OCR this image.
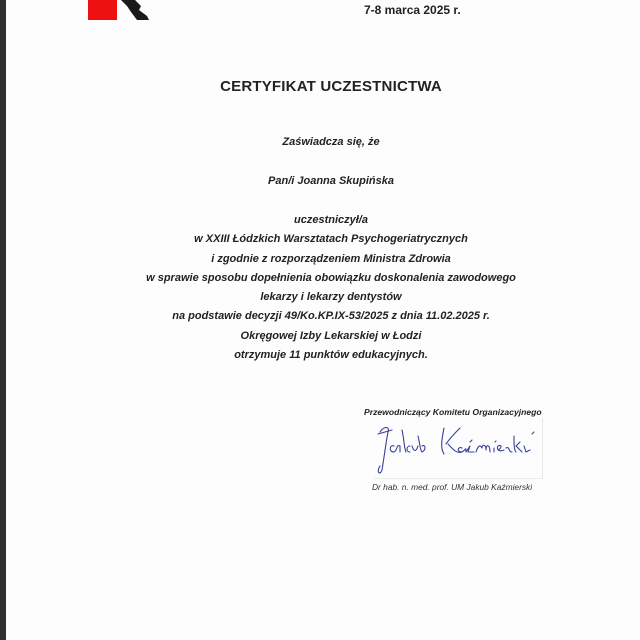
7-8 marca 2025 r.
CERTYFIKAT UCZESTNICTWA
Zaświadcza się, że
Pan/i Joanna Skupińska
uczestniczył/a
w XXIII Łódzkich Warsztatach Psychogeriatrycznych
i zgodnie z rozporządzeniem Ministra Zdrowia
w sprawie sposobu dopełnienia obowiązku doskonalenia zawodowego
lekarzy i lekarzy dentystów
na podstawie decyzji 49/Ko.KP.IX-53/2025 z dnia 11.02.2025 r.
Okręgowej Izby Lekarskiej w Łodzi
otrzymuje 11 punktów edukacyjnych.
Przewodniczący Komitetu Organizacyjnego
Dr hab. n. med. prof. UM Jakub Kaźmierski
